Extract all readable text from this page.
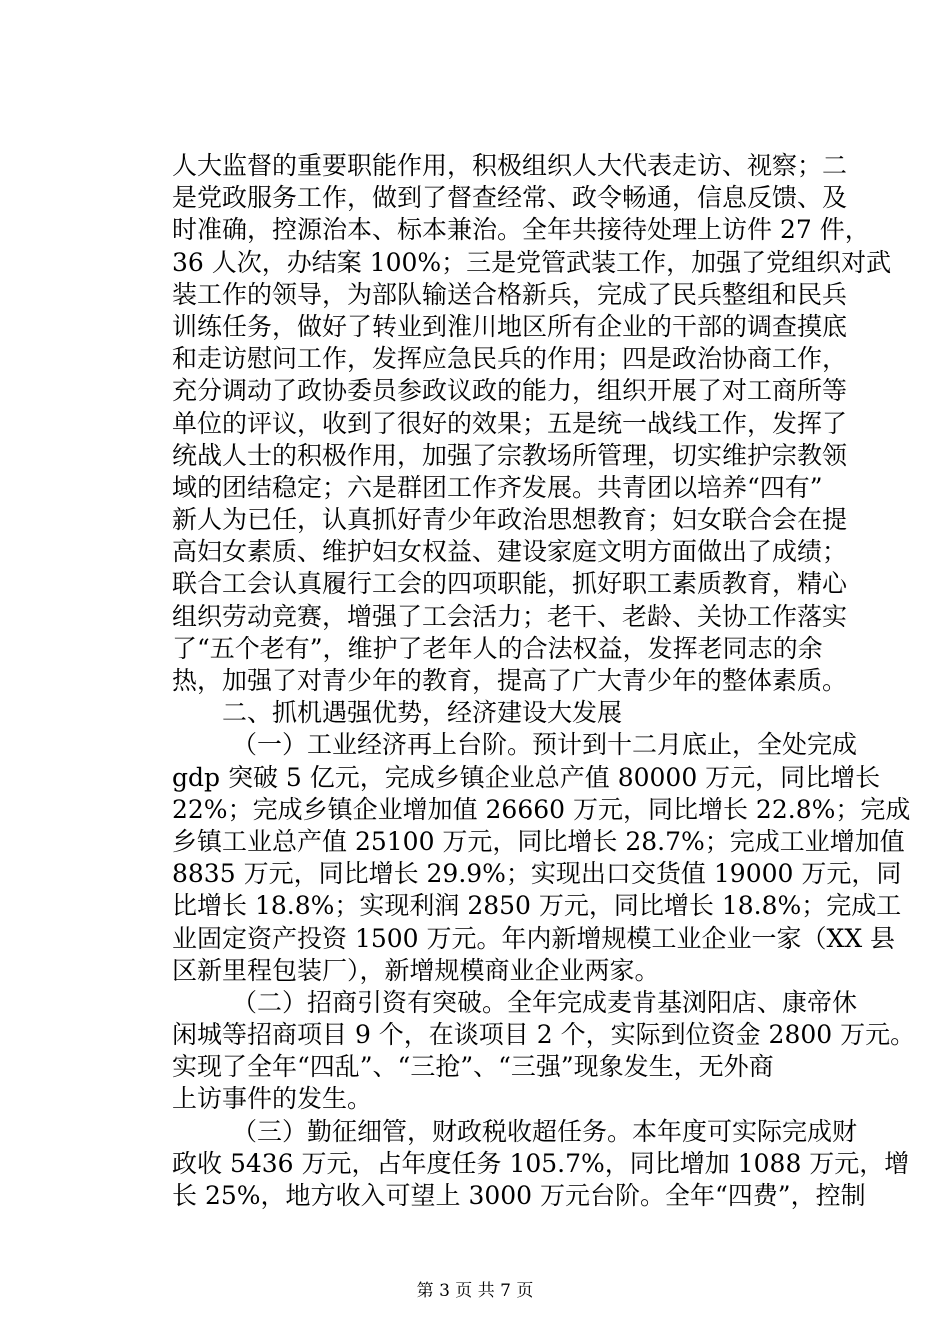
人大监督的重要职能作用，积极组织人大代表走访、视察；二
是党政服务工作，做到了督查经常、政令畅通，信息反馈、及
时准确，控源治本、标本兼治。全年共接待处理上访件 27 件，
36 人次，办结案 100%；三是党管武装工作，加强了党组织对武
装工作的领导，为部队输送合格新兵，完成了民兵整组和民兵
训练任务，做好了转业到淮川地区所有企业的干部的调查摸底
和走访慰问工作，发挥应急民兵的作用；四是政治协商工作，
充分调动了政协委员参政议政的能力，组织开展了对工商所等
单位的评议，收到了很好的效果；五是统一战线工作，发挥了
统战人士的积极作用，加强了宗教场所管理，切实维护宗教领
域的团结稳定；六是群团工作齐发展。共青团以培养“四有”
新人为已任，认真抓好青少年政治思想教育；妇女联合会在提
高妇女素质、维护妇女权益、建设家庭文明方面做出了成绩；
联合工会认真履行工会的四项职能，抓好职工素质教育，精心
组织劳动竞赛，增强了工会活力；老干、老龄、关协工作落实
了“五个老有”，维护了老年人的合法权益，发挥老同志的余
热，加强了对青少年的教育，提高了广大青少年的整体素质。
二、抓机遇强优势，经济建设大发展
（一）工业经济再上台阶。预计到十二月底止，全处完成
gdp 突破 5 亿元，完成乡镇企业总产值 80000 万元，同比增长
22%；完成乡镇企业增加值 26660 万元，同比增长 22.8%；完成
乡镇工业总产值 25100 万元，同比增长 28.7%；完成工业增加值
8835 万元，同比增长 29.9%；实现出口交货值 19000 万元，同
比增长 18.8%；实现利润 2850 万元，同比增长 18.8%；完成工
业固定资产投资 1500 万元。年内新增规模工业企业一家（XX 县
区新里程包装厂），新增规模商业企业两家。
（二）招商引资有突破。全年完成麦肯基浏阳店、康帝休
闲城等招商项目 9 个，在谈项目 2 个，实际到位资金 2800 万元。
实现了全年“四乱”、“三抢”、“三强”现象发生，无外商
上访事件的发生。
（三）勤征细管，财政税收超任务。本年度可实际完成财
政收 5436 万元，占年度任务 105.7%，同比增加 1088 万元，增
长 25%，地方收入可望上 3000 万元台阶。全年“四费”，控制
第 3 页 共 7 页
